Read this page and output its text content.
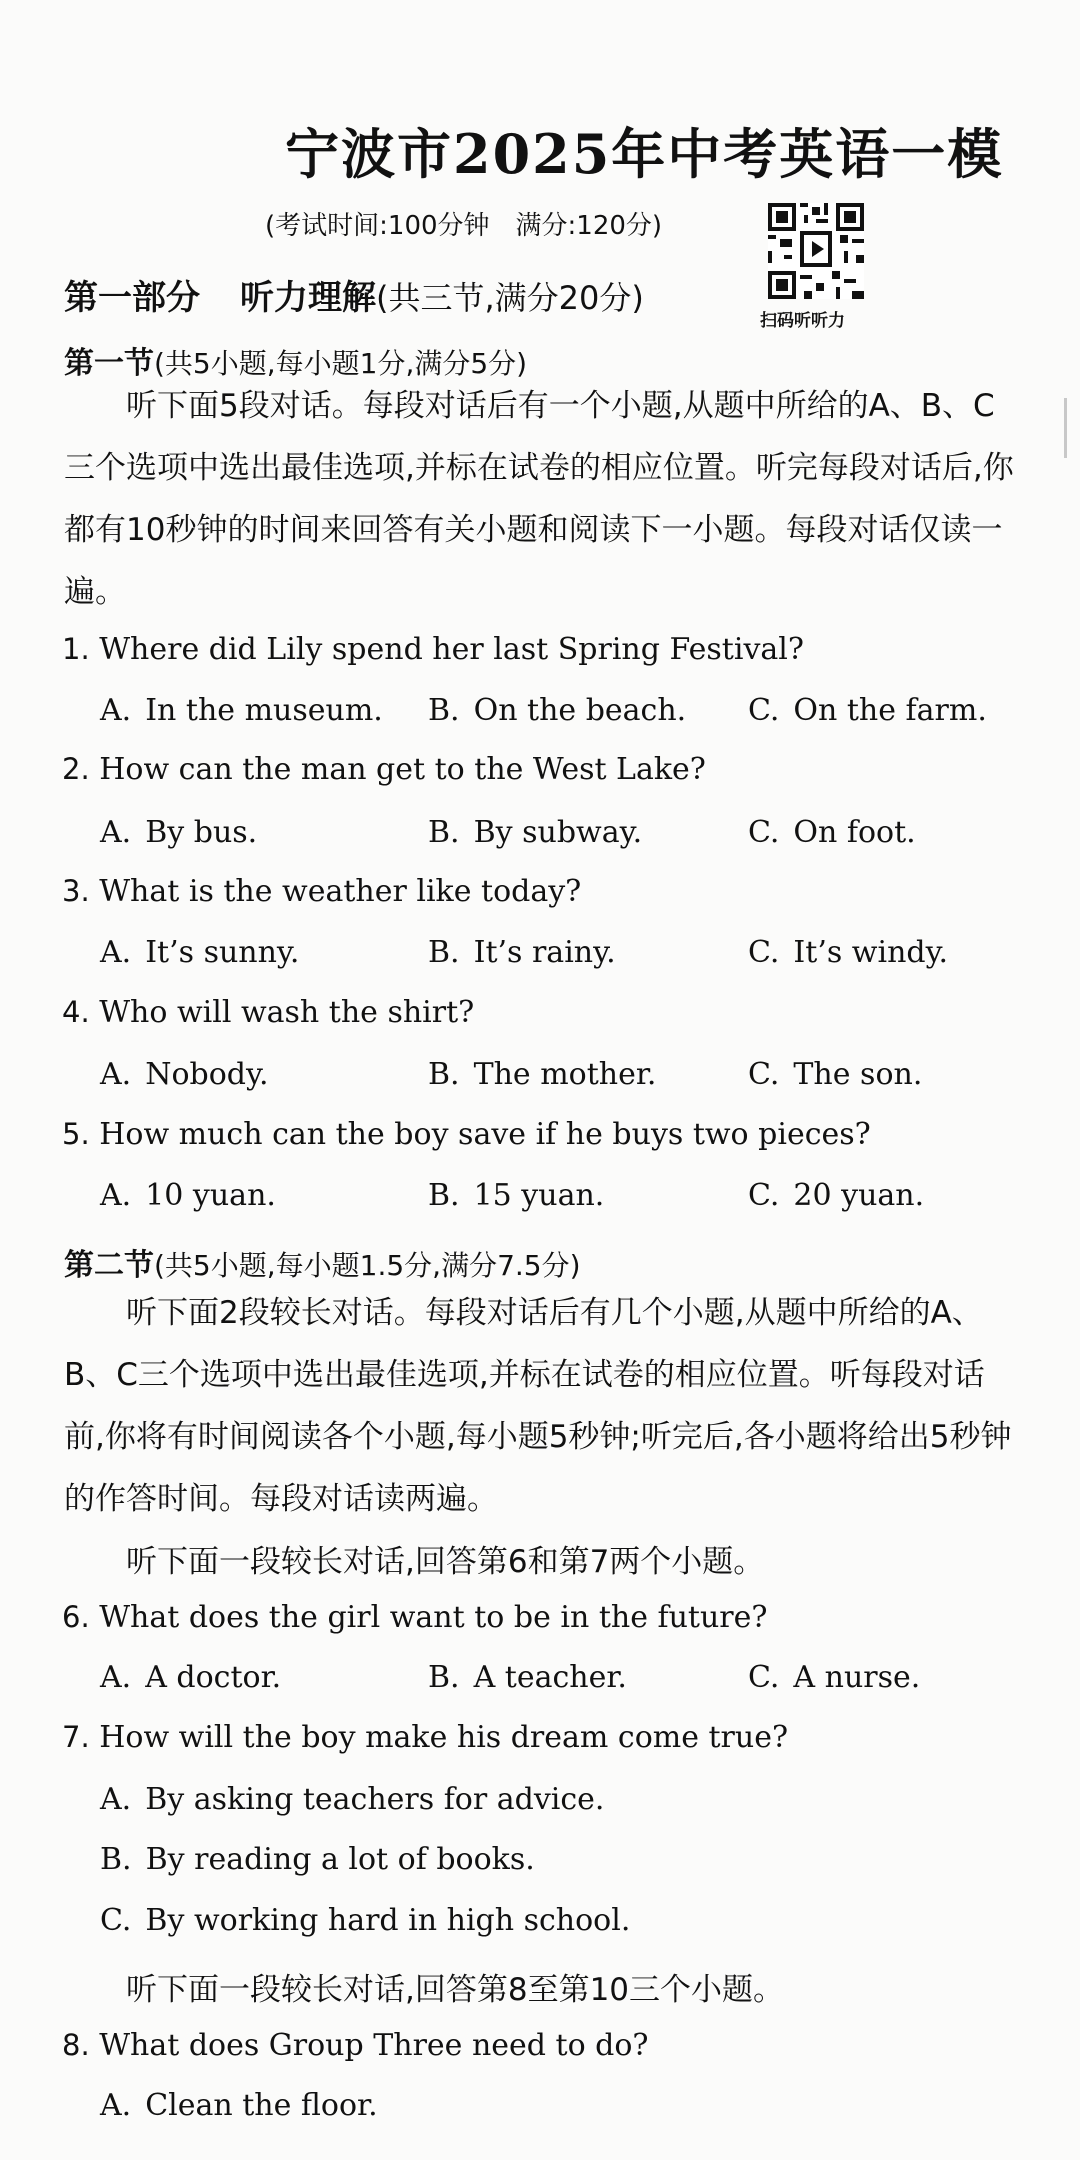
宁波市2025年中考英语一模
(考试时间:100分钟　满分:120分)
扫码听听力
第一部分 听力理解(共三节,满分20分)
第一节(共5小题,每小题1分,满分5分)
听下面5段对话。每段对话后有一个小题,从题中所给的A、B、C三个选项中选出最佳选项,并标在试卷的相应位置。听完每段对话后,你都有10秒钟的时间来回答有关小题和阅读下一小题。每段对话仅读一遍。
1. Where did Lily spend her last Spring Festival?
A. In the museum. B. On the beach. C. On the farm.
2. How can the man get to the West Lake?
A. By bus.	B. By subway.	C. On foot.
3. What is the weather like today?
A. It’s sunny.	B. It’s rainy.	C. It’s windy.
4. Who will wash the shirt?
A. Nobody.	B. The mother.	C. The son.
5. How much can the boy save if he buys two pieces?
A. 10 yuan.	B. 15 yuan.	C. 20 yuan.
第二节(共5小题,每小题1.5分,满分7.5分)
听下面2段较长对话。每段对话后有几个小题,从题中所给的A、B、C三个选项中选出最佳选项,并标在试卷的相应位置。听每段对话前,你将有时间阅读各个小题,每小题5秒钟;听完后,各小题将给出5秒钟的作答时间。每段对话读两遍。
听下面一段较长对话,回答第6和第7两个小题。
6. What does the girl want to be in the future?
A. A doctor.	B. A teacher.	C. A nurse.
7. How will the boy make his dream come true?
A. By asking teachers for advice.
B. By reading a lot of books.
C. By working hard in high school.
听下面一段较长对话,回答第8至第10三个小题。
8. What does Group Three need to do?
A. Clean the floor.
